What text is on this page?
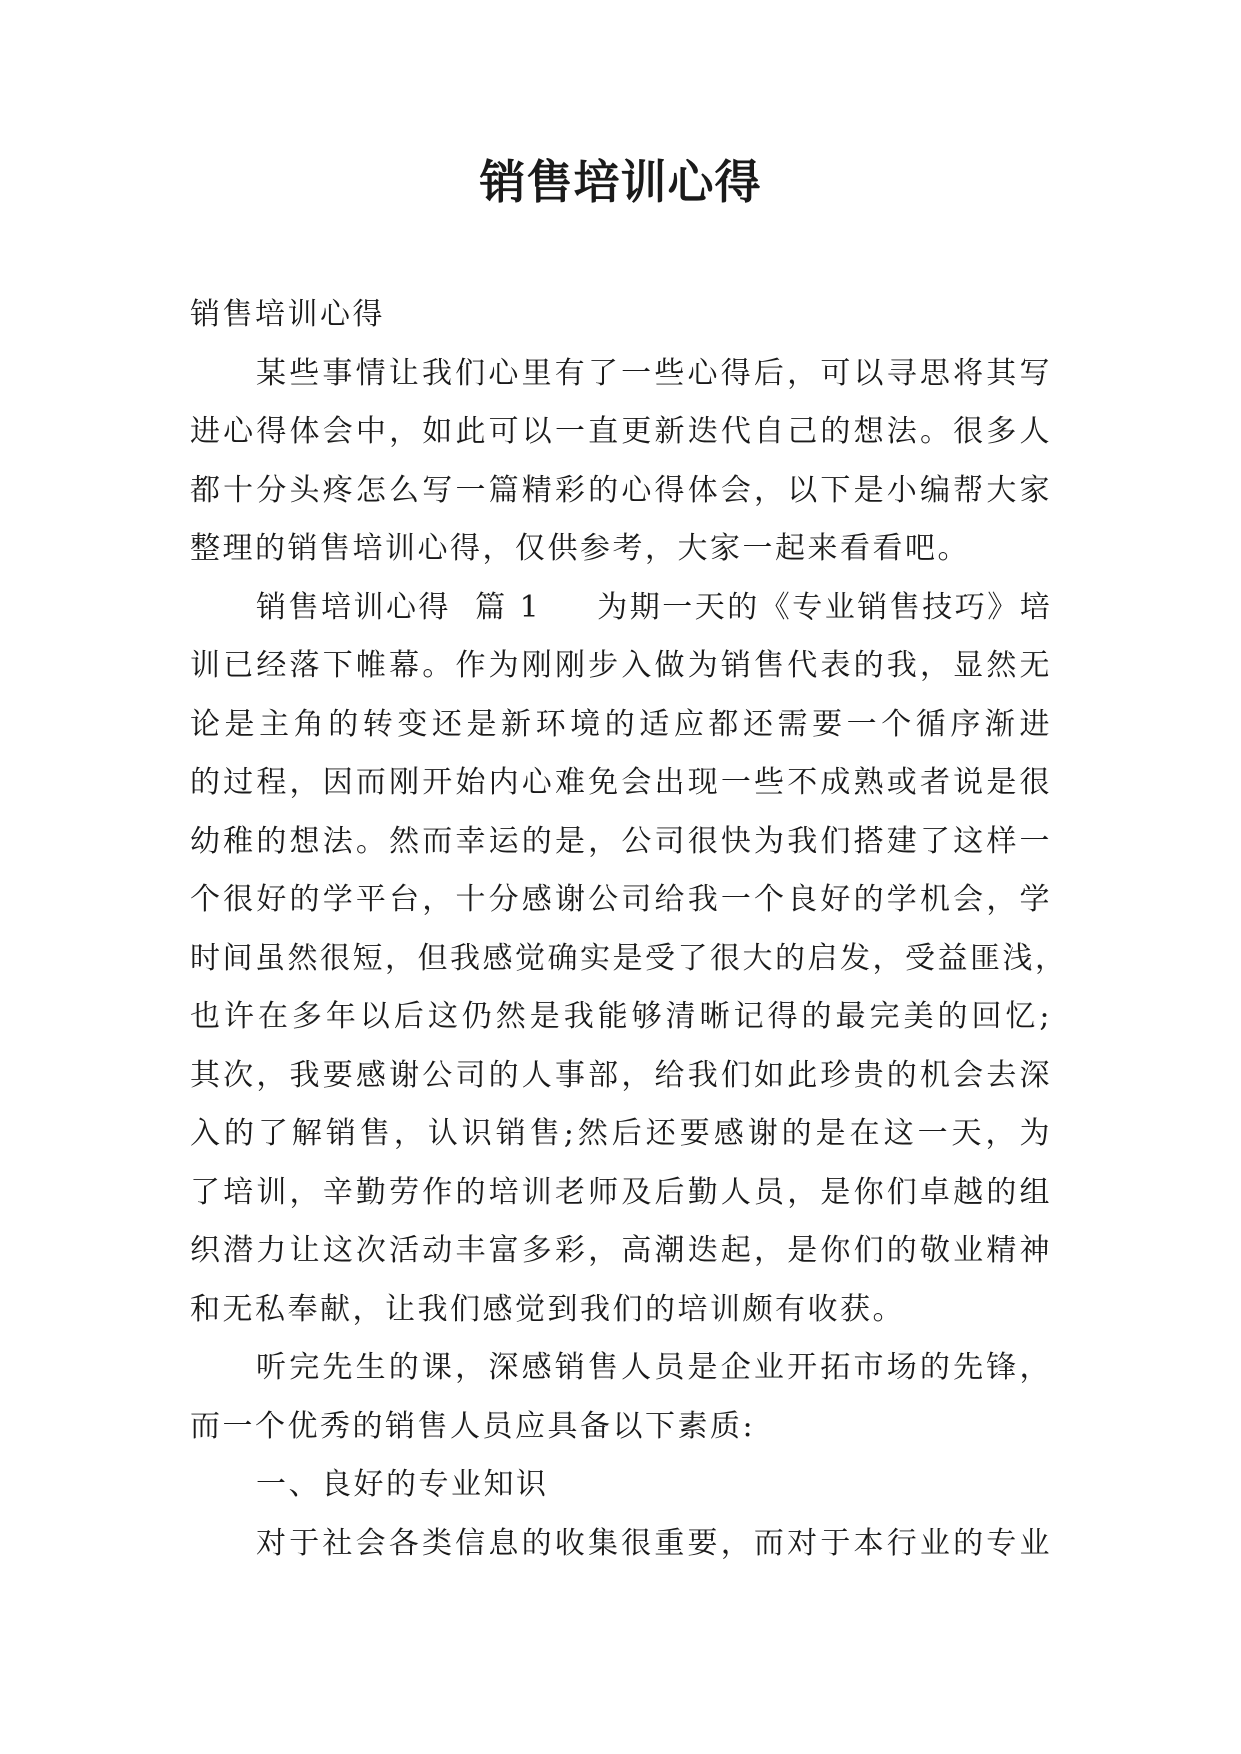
销售培训心得
销售培训心得
某些事情让我们心里有了一些心得后，可以寻思将其写
进心得体会中，如此可以一直更新迭代自己的想法。很多人
都十分头疼怎么写一篇精彩的心得体会，以下是小编帮大家
整理的销售培训心得，仅供参考，大家一起来看看吧。
销售培训心得  篇 1 为期一天的《专业销售技巧》培
训已经落下帷幕。作为刚刚步入做为销售代表的我，显然无
论是主角的转变还是新环境的适应都还需要一个循序渐进
的过程，因而刚开始内心难免会出现一些不成熟或者说是很
幼稚的想法。然而幸运的是，公司很快为我们搭建了这样一
个很好的学平台，十分感谢公司给我一个良好的学机会，学
时间虽然很短，但我感觉确实是受了很大的启发，受益匪浅，
也许在多年以后这仍然是我能够清晰记得的最完美的回忆;
其次，我要感谢公司的人事部，给我们如此珍贵的机会去深
入的了解销售，认识销售;然后还要感谢的是在这一天，为
了培训，辛勤劳作的培训老师及后勤人员，是你们卓越的组
织潜力让这次活动丰富多彩，高潮迭起，是你们的敬业精神
和无私奉献，让我们感觉到我们的培训颇有收获。
听完先生的课，深感销售人员是企业开拓市场的先锋，
而一个优秀的销售人员应具备以下素质:
一、良好的专业知识
对于社会各类信息的收集很重要，而对于本行业的专业
